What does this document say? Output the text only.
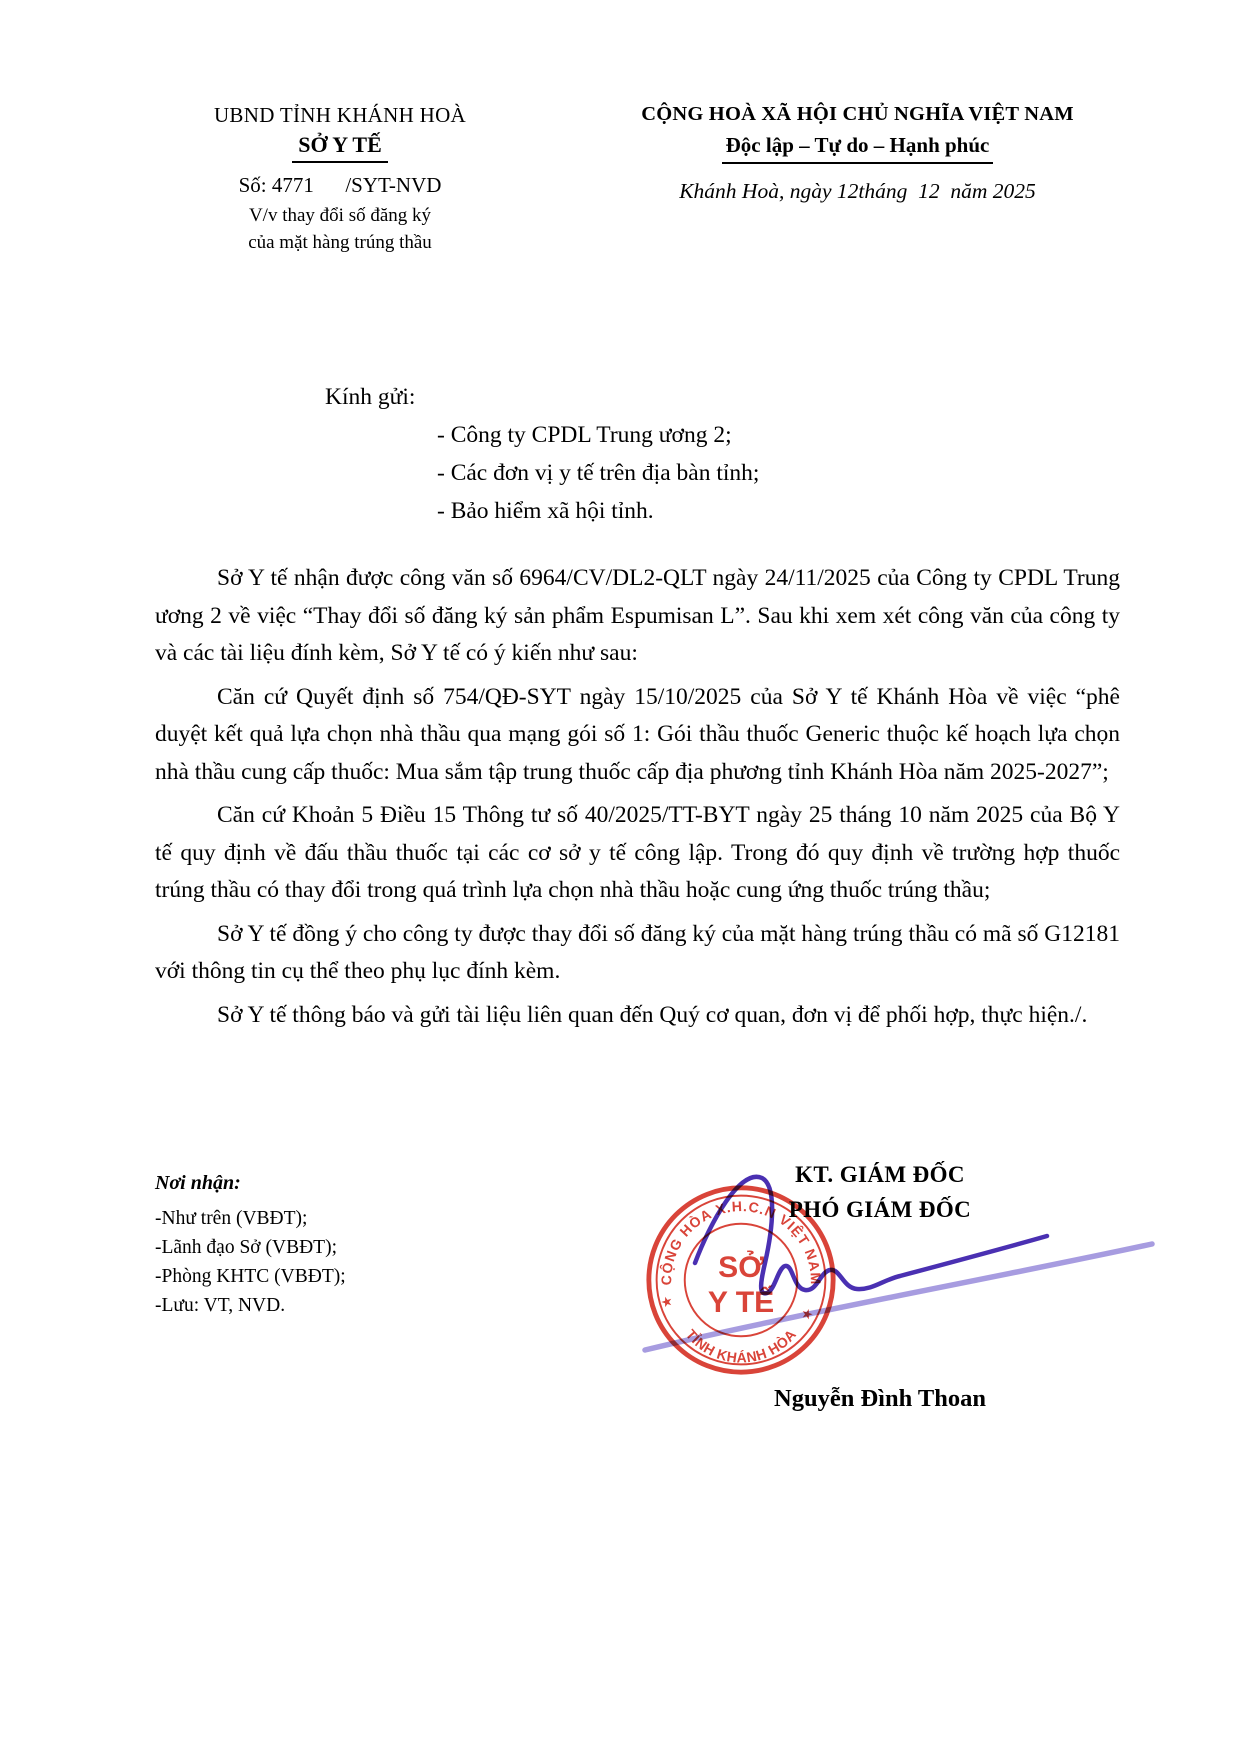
UBND TỈNH KHÁNH HOÀ
SỞ Y TẾ
Số: 4771      /SYT-NVD
V/v thay đổi số đăng ký
của mặt hàng trúng thầu
CỘNG HOÀ XÃ HỘI CHỦ NGHĨA VIỆT NAM
Độc lập – Tự do – Hạnh phúc
Khánh Hoà, ngày 12tháng  12  năm 2025
Kính gửi:
- Công ty CPDL Trung ương 2;
- Các đơn vị y tế trên địa bàn tỉnh;
- Bảo hiểm xã hội tỉnh.

Sở Y tế nhận được công văn số 6964/CV/DL2-QLT ngày 24/11/2025 của Công ty CPDL Trung ương 2 về việc “Thay đổi số đăng ký sản phẩm Espumisan L”. Sau khi xem xét công văn của công ty và các tài liệu đính kèm, Sở Y tế có ý kiến như sau:

Căn cứ Quyết định số 754/QĐ-SYT ngày 15/10/2025 của Sở Y tế Khánh Hòa về việc “phê duyệt kết quả lựa chọn nhà thầu qua mạng gói số 1: Gói thầu thuốc Generic thuộc kế hoạch lựa chọn nhà thầu cung cấp thuốc: Mua sắm tập trung thuốc cấp địa phương tỉnh Khánh Hòa năm 2025-2027”;

Căn cứ Khoản 5 Điều 15 Thông tư số 40/2025/TT-BYT ngày 25 tháng 10 năm 2025 của Bộ Y tế quy định về đấu thầu thuốc tại các cơ sở y tế công lập. Trong đó quy định về trường hợp thuốc trúng thầu có thay đổi trong quá trình lựa chọn nhà thầu hoặc cung ứng thuốc trúng thầu;

Sở Y tế đồng ý cho công ty được thay đổi số đăng ký của mặt hàng trúng thầu có mã số G12181 với thông tin cụ thể theo phụ lục đính kèm.

Sở Y tế thông báo và gửi tài liệu liên quan đến Quý cơ quan, đơn vị để phối hợp, thực hiện./.

Nơi nhận:
-Như trên (VBĐT);
-Lãnh đạo Sở (VBĐT);
-Phòng KHTC (VBĐT);
-Lưu: VT, NVD.
KT. GIÁM ĐỐC
PHÓ GIÁM ĐỐC
Nguyễn Đình Thoan
CỘNG HÒA X.H.C.N VIỆT NAM
TỈNH KHÁNH HÒA
SỞ
Y TẾ
★
★
